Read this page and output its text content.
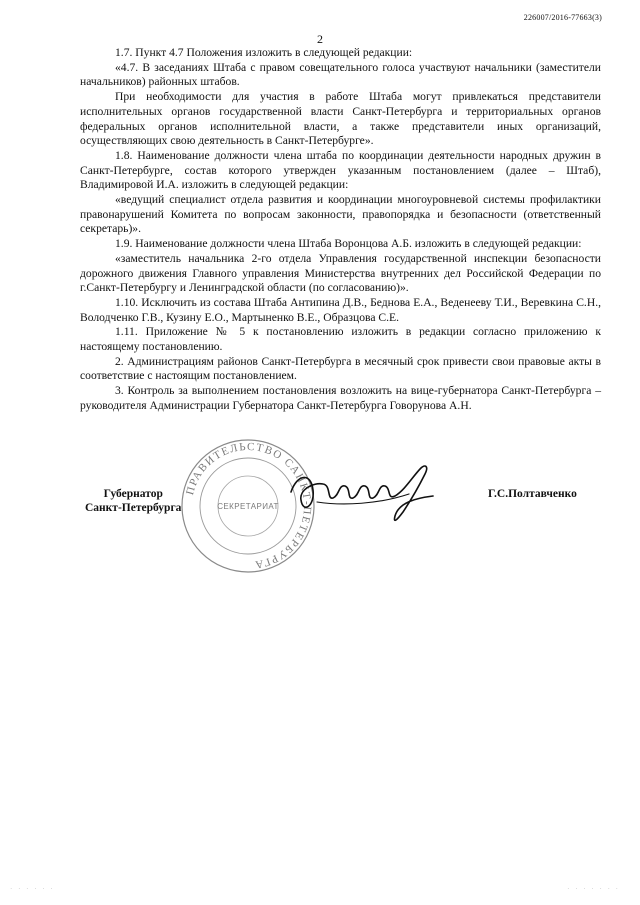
226007/2016-77663(3)
2

1.7. Пункт 4.7 Положения изложить в следующей редакции:

«4.7. В заседаниях Штаба с правом совещательного голоса участвуют начальники (заместители начальников) районных штабов.

При необходимости для участия в работе Штаба могут привлекаться представители исполнительных органов государственной власти Санкт-Петербурга и территориальных органов федеральных органов исполнительной власти, а также представители иных организаций, осуществляющих свою деятельность в Санкт-Петербурге».

1.8. Наименование должности члена штаба по координации деятельности народных дружин в Санкт-Петербурге, состав которого утвержден указанным постановлением (далее – Штаб), Владимировой И.А. изложить в следующей редакции:

«ведущий специалист отдела развития и координации многоуровневой системы профилактики правонарушений Комитета по вопросам законности, правопорядка и безопасности (ответственный секретарь)».

1.9. Наименование должности члена Штаба Воронцова А.Б. изложить в следующей редакции:

«заместитель начальника 2-го отдела Управления государственной инспекции безопасности дорожного движения Главного управления Министерства внутренних дел Российской Федерации по г.Санкт-Петербургу и Ленинградской области (по согласованию)».

1.10. Исключить из состава Штаба Антипина Д.В., Беднова Е.А., Веденееву Т.И., Веревкина С.Н., Володченко Г.В., Кузину Е.О., Мартыненко В.Е., Образцова С.Е.

1.11. Приложение № 5 к постановлению изложить в редакции согласно приложению к настоящему постановлению.

2. Администрациям районов Санкт-Петербурга в месячный срок привести свои правовые акты в соответствие с настоящим постановлением.

3. Контроль за выполнением постановления возложить на вице-губернатора Санкт-Петербурга – руководителя Администрации Губернатора Санкт-Петербурга Говорунова А.Н.

ПРАВИТЕЛЬСТВО САНКТ-ПЕТЕРБУРГА
СЕКРЕТАРИАТ
Губернатор
Санкт-Петербурга
Г.С.Полтавченко
· · · · · ·	· · · · · · ·
